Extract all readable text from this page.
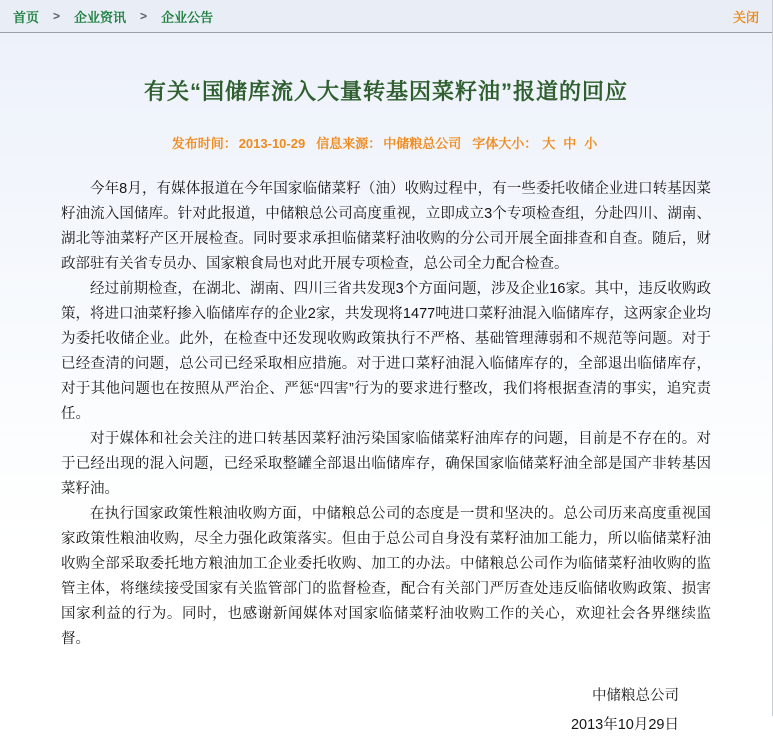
首页 > 企业资讯 > 企业公告	关闭
有关“国储库流入大量转基因菜籽油”报道的回应
发布时间： 2013-10-29 信息来源： 中储粮总公司 字体大小： 大 中 小

今年8月，有媒体报道在今年国家临储菜籽（油）收购过程中，有一些委托收储企业进口转基因菜籽油流入国储库。针对此报道，中储粮总公司高度重视，立即成立3个专项检查组，分赴四川、湖南、湖北等油菜籽产区开展检查。同时要求承担临储菜籽油收购的分公司开展全面排查和自查。随后，财政部驻有关省专员办、国家粮食局也对此开展专项检查，总公司全力配合检查。

经过前期检查，在湖北、湖南、四川三省共发现3个方面问题，涉及企业16家。其中，违反收购政策，将进口油菜籽掺入临储库存的企业2家，共发现将1477吨进口菜籽油混入临储库存，这两家企业均为委托收储企业。此外，在检查中还发现收购政策执行不严格、基础管理薄弱和不规范等问题。对于已经查清的问题，总公司已经采取相应措施。对于进口菜籽油混入临储库存的，全部退出临储库存，对于其他问题也在按照从严治企、严惩“四害”行为的要求进行整改，我们将根据查清的事实，追究责任。

对于媒体和社会关注的进口转基因菜籽油污染国家临储菜籽油库存的问题，目前是不存在的。对于已经出现的混入问题，已经采取整罐全部退出临储库存，确保国家临储菜籽油全部是国产非转基因菜籽油。

在执行国家政策性粮油收购方面，中储粮总公司的态度是一贯和坚决的。总公司历来高度重视国家政策性粮油收购，尽全力强化政策落实。但由于总公司自身没有菜籽油加工能力，所以临储菜籽油收购全部采取委托地方粮油加工企业委托收购、加工的办法。中储粮总公司作为临储菜籽油收购的监管主体，将继续接受国家有关监管部门的监督检查，配合有关部门严厉查处违反临储收购政策、损害国家利益的行为。同时，也感谢新闻媒体对国家临储菜籽油收购工作的关心，欢迎社会各界继续监督。

中储粮总公司
2013年10月29日
